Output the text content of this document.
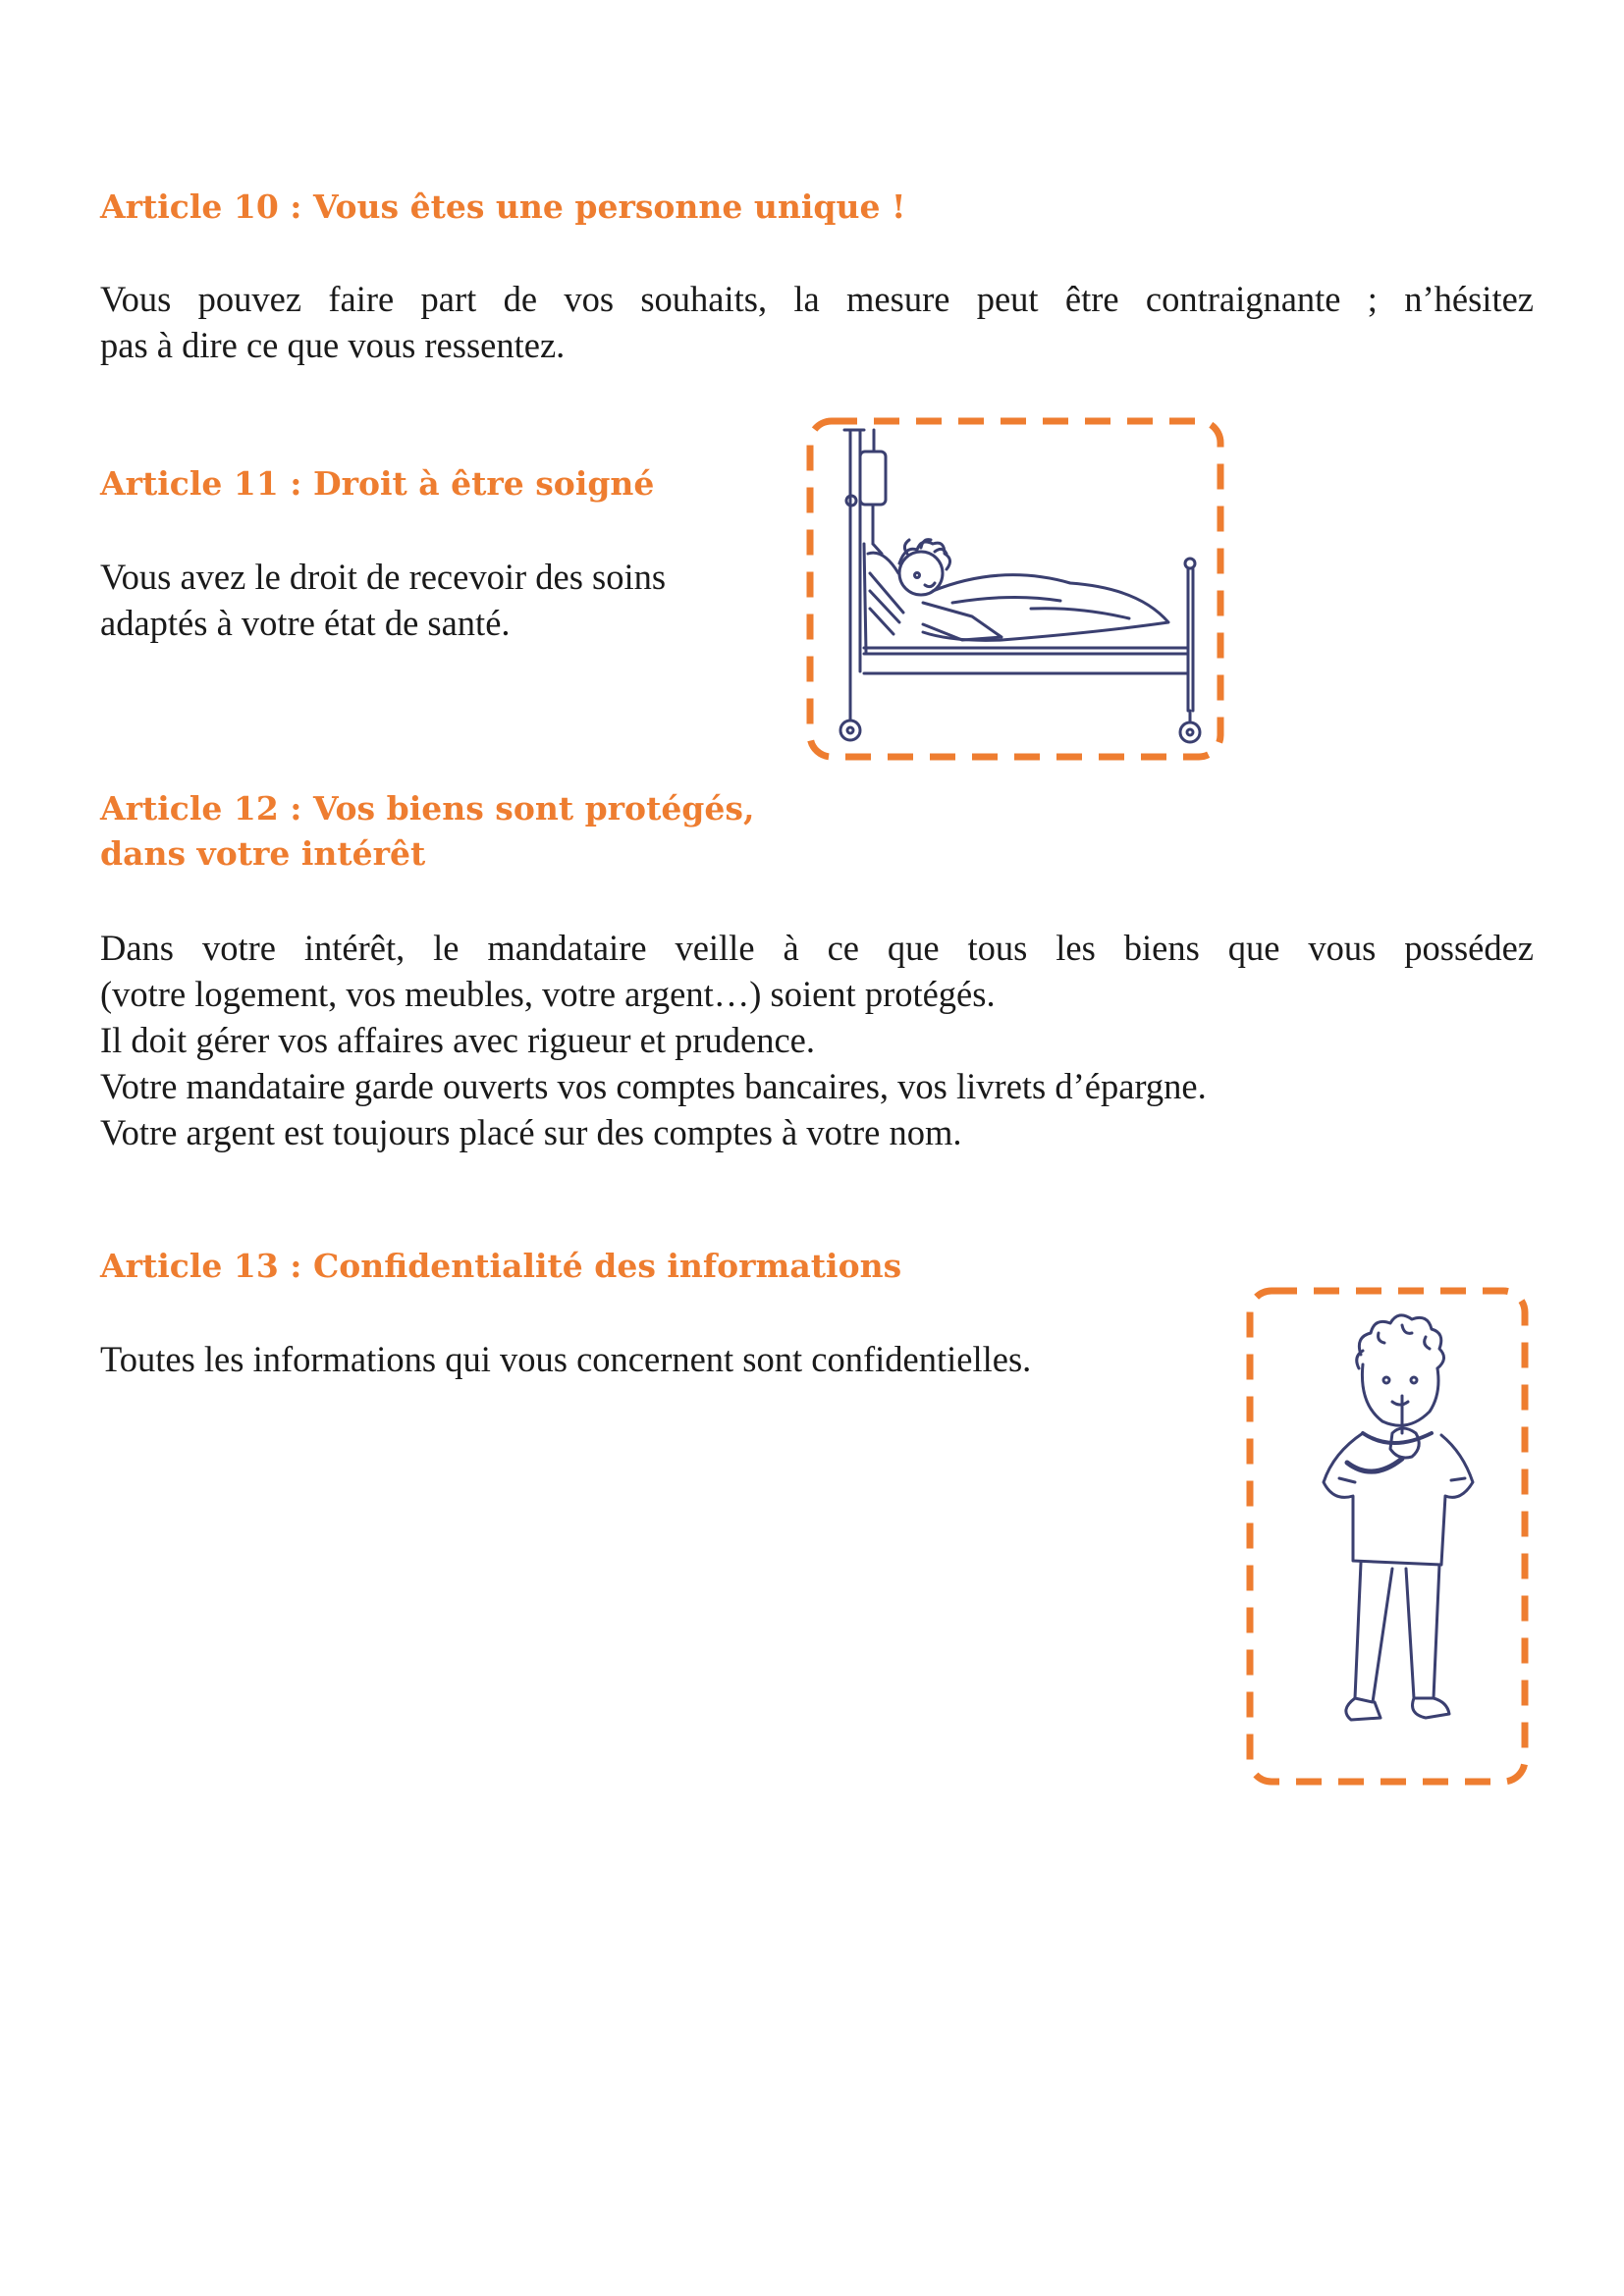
Article 10 : Vous êtes une personne unique !

Vous pouvez faire part de vos souhaits, la mesure peut être contraignante ; n’hésitez
pas à dire ce que vous ressentez.

Article 11 : Droit à être soigné

Vous avez le droit de recevoir des soins
adaptés à votre état de santé.

Article 12 : Vos biens sont protégés,
dans votre intérêt

Dans votre intérêt, le mandataire veille à ce que tous les biens que vous possédez
(votre logement, vos meubles, votre argent…) soient protégés.
Il doit gérer vos affaires avec rigueur et prudence.
Votre mandataire garde ouverts vos comptes bancaires, vos livrets d’épargne.
Votre argent est toujours placé sur des comptes à votre nom.

Article 13 : Confidentialité des informations

Toutes les informations qui vous concernent sont confidentielles.
